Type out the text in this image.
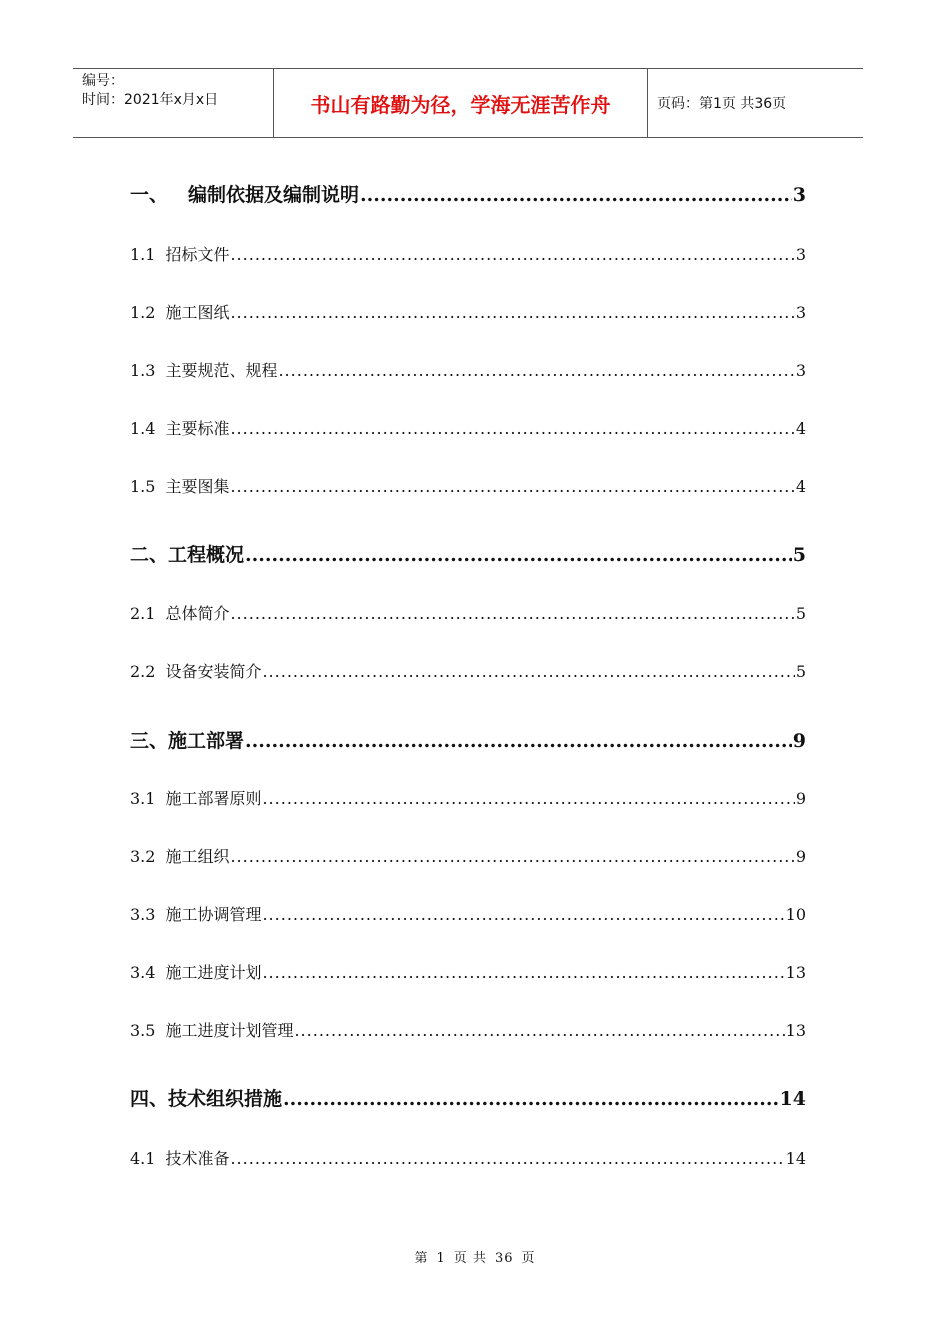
编号：
时间：2021年x月x日	书山有路勤为径，学海无涯苦作舟	页码：第1页 共36页
一、 编制依据及编制说明 .....	3
1.1 招标文件 .....	3
1.2 施工图纸 .....	3
1.3 主要规范、规程 .....	3
1.4 主要标准 .....	4
1.5 主要图集 .....	4
二、 工程概况 .....	5
2.1 总体简介 .....	5
2.2 设备安装简介 .....	5
三、 施工部署 .....	9
3.1 施工部署原则 .....	9
3.2 施工组织 .....	9
3.3 施工协调管理 .....	10
3.4 施工进度计划 .....	13
3.5 施工进度计划管理 .....	13
四、 技术组织措施 .....	14
4.1 技术准备 .....	14
第 1 页 共 36 页
